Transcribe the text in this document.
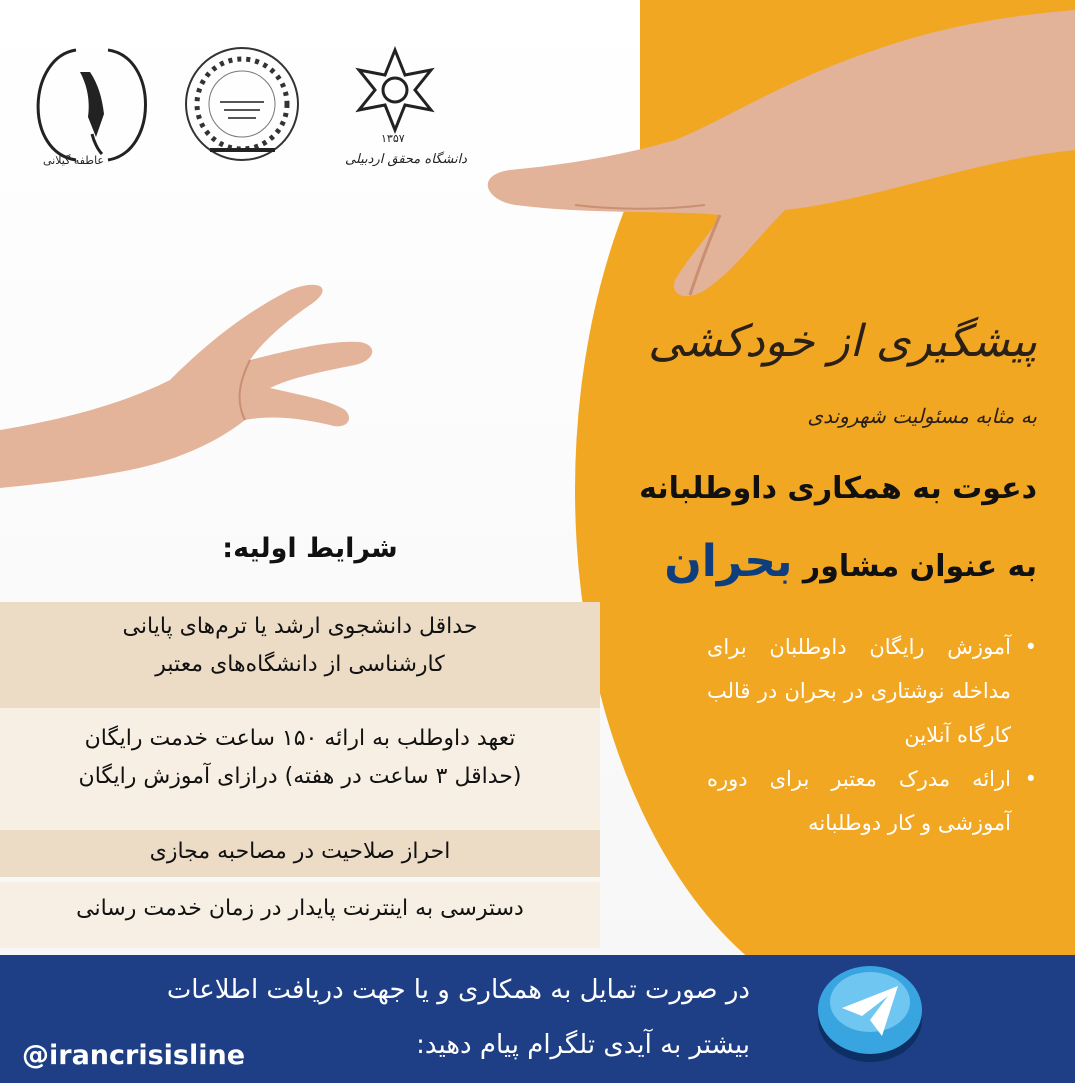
عاطفه گیلانی
۱۳۵۷
دانشگاه محقق اردبیلی
پیشگیری از خودکشی
به مثابه مسئولیت شهروندی
دعوت به همکاری داوطلبانه
به عنوان مشاور بحران
•
آموزش رایگان داوطلبان برای مداخله نوشتاری در بحران در قالب کارگاه آنلاین
•
ارائه مدرک معتبر برای دوره آموزشی و کار دوطلبانه
شرایط اولیه:
حداقل دانشجوی ارشد یا ترم‌های پایانی
کارشناسی از دانشگاه‌های معتبر
تعهد داوطلب به ارائه ۱۵۰ ساعت خدمت رایگان
(حداقل ۳ ساعت در هفته) درازای آموزش رایگان
احراز صلاحیت در مصاحبه مجازی
دسترسی به اینترنت پایدار در زمان خدمت رسانی
در صورت تمایل به همکاری و یا جهت دریافت اطلاعات
بیشتر به آیدی تلگرام پیام دهید:
@irancrisisline
